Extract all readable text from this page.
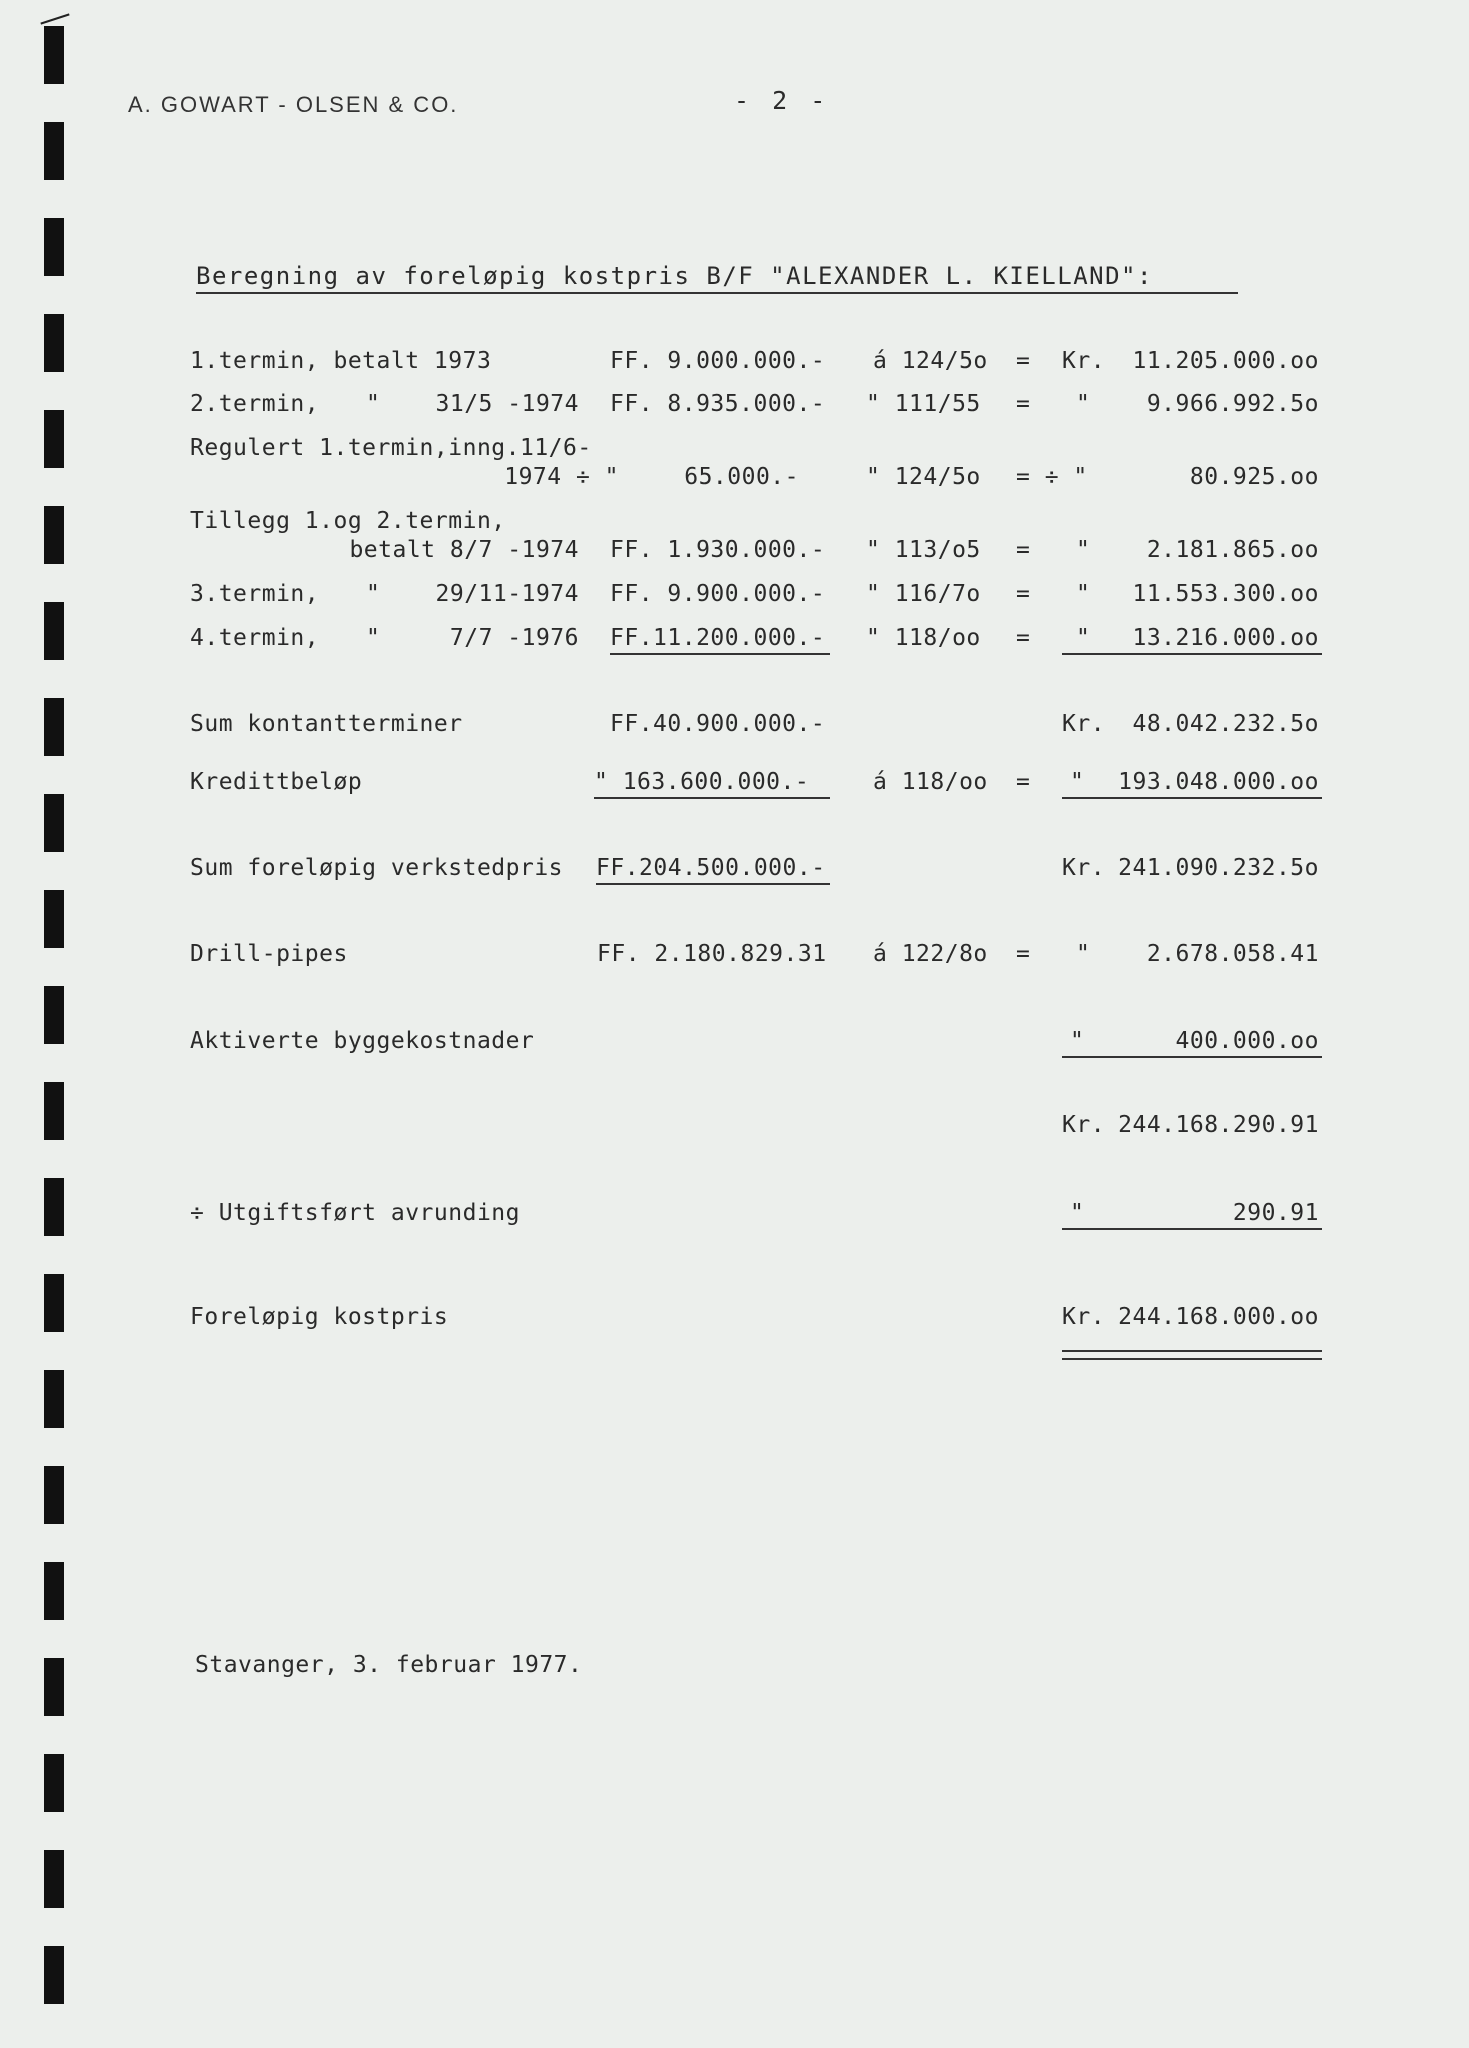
A. GOWART - OLSEN & CO.	- 2 -
Beregning av foreløpig kostpris B/F "ALEXANDER L. KIELLAND":
1.termin, betalt 1973	FF. 9.000.000.- á 124/5o = Kr. 11.205.000.oo
2.termin, " 31/5 -1974 FF. 8.935.000.- " 111/55 = " 9.966.992.5o
Regulert 1.termin,inng.11/6-
1974 ÷ "	65.000.-	" 124/5o = ÷ "	80.925.oo
Tillegg 1.og 2.termin,
betalt 8/7 -1974 FF. 1.930.000.- " 113/o5 = " 2.181.865.oo
3.termin, " 29/11-1974 FF. 9.900.000.- " 116/7o = " 11.553.300.oo
4.termin, "	7/7 -1976 FF.11.200.000.- " 118/oo = " 13.216.000.oo
Sum kontantterminer	FF.40.900.000.-	Kr. 48.042.232.5o
Kredittbeløp	" 163.600.000.-	á 118/oo = " 193.048.000.oo
Sum foreløpig verkstedpris FF.204.500.000.-	Kr. 241.090.232.5o
Drill-pipes	FF. 2.180.829.31 á 122/8o = " 2.678.058.41
Aktiverte byggekostnader	"	400.000.oo
Kr. 244.168.290.91
÷ Utgiftsført avrunding	"	290.91
Foreløpig kostpris	Kr. 244.168.000.oo
Stavanger, 3. februar 1977.
